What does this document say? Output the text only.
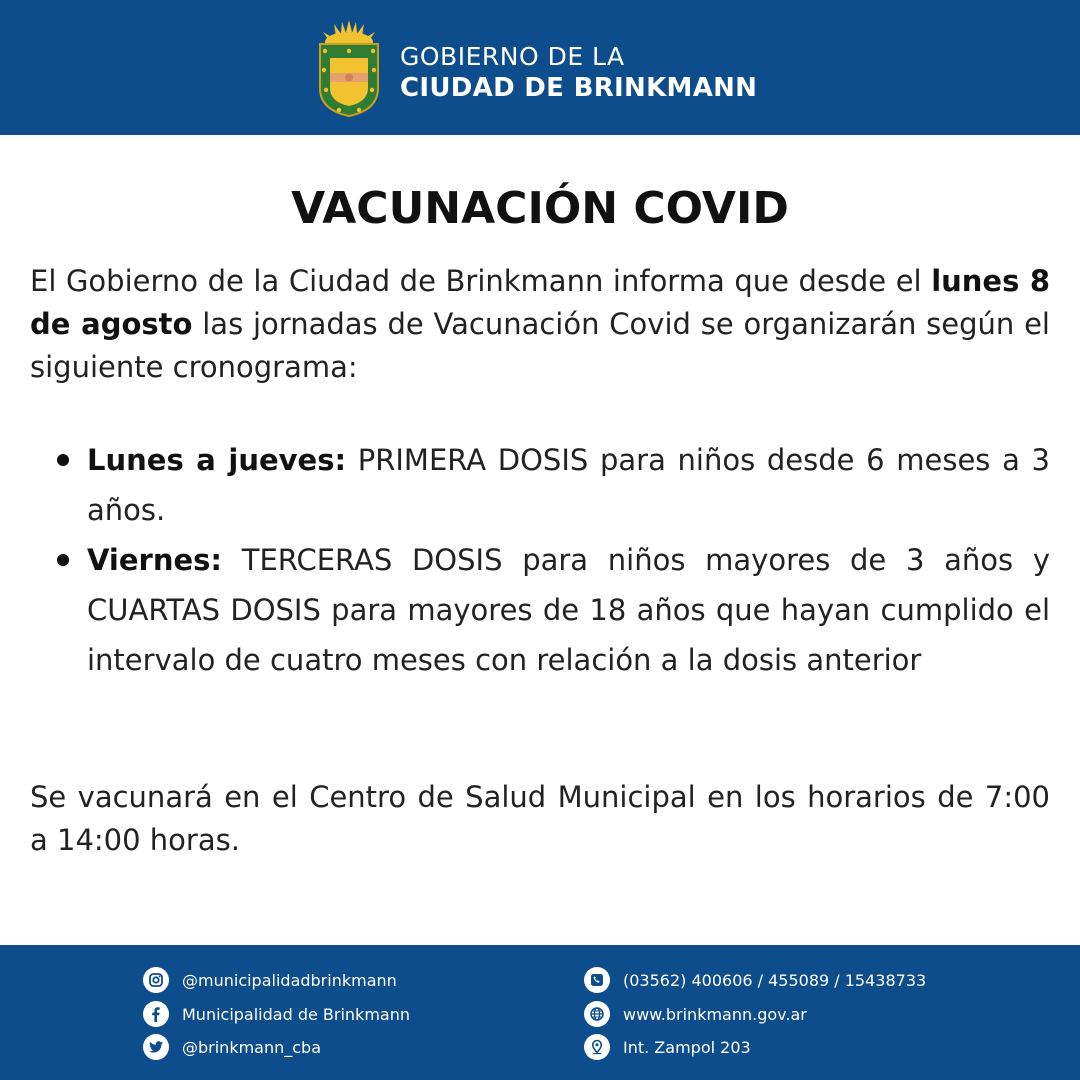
GOBIERNO DE LA
CIUDAD DE BRINKMANN
VACUNACIÓN COVID

El Gobierno de la Ciudad de Brinkmann informa que desde el lunes 8 de agosto las jornadas de Vacunación Covid se organizarán según el siguiente cronograma:

Lunes a jueves: PRIMERA DOSIS para niños desde 6 meses a 3 años.
Viernes: TERCERAS DOSIS para niños mayores de 3 años y CUARTAS DOSIS para mayores de 18 años que hayan cumplido el intervalo de cuatro meses con relación a la dosis anterior

Se vacunará en el Centro de Salud Municipal en los horarios de 7:00 a 14:00 horas.

@municipalidadbrinkmann
Municipalidad de Brinkmann
@brinkmann_cba
(03562) 400606 / 455089 / 15438733
www.brinkmann.gov.ar
Int. Zampol 203
